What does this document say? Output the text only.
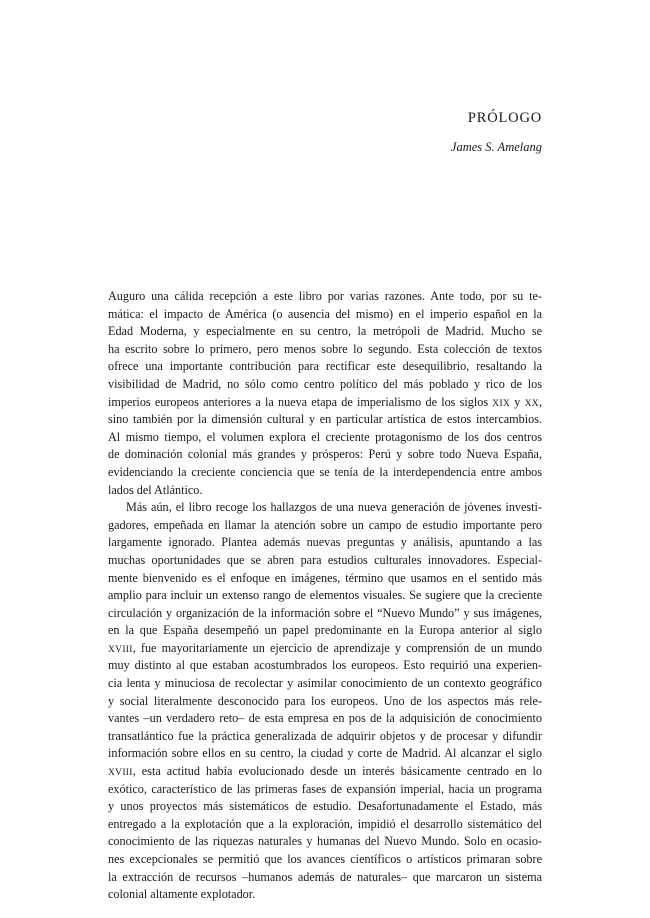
PRÓLOGO
James S. Amelang
Auguro una cálida recepción a este libro por varias razones. Ante todo, por su te-
mática: el impacto de América (o ausencia del mismo) en el imperio español en la
Edad Moderna, y especialmente en su centro, la metrópoli de Madrid. Mucho se
ha escrito sobre lo primero, pero menos sobre lo segundo. Esta colección de textos
ofrece una importante contribución para rectificar este desequilibrio, resaltando la
visibilidad de Madrid, no sólo como centro político del más poblado y rico de los
imperios europeos anteriores a la nueva etapa de imperialismo de los siglos XIX y XX,
sino también por la dimensión cultural y en particular artística de estos intercambios.
Al mismo tiempo, el volumen explora el creciente protagonismo de los dos centros
de dominación colonial más grandes y prósperos: Perú y sobre todo Nueva España,
evidenciando la creciente conciencia que se tenía de la interdependencia entre ambos
lados del Atlántico.
Más aún, el libro recoge los hallazgos de una nueva generación de jóvenes investi-
gadores, empeñada en llamar la atención sobre un campo de estudio importante pero
largamente ignorado. Plantea además nuevas preguntas y análisis, apuntando a las
muchas oportunidades que se abren para estudios culturales innovadores. Especial-
mente bienvenido es el enfoque en imágenes, término que usamos en el sentido más
amplio para incluir un extenso rango de elementos visuales. Se sugiere que la creciente
circulación y organización de la información sobre el “Nuevo Mundo” y sus imágenes,
en la que España desempeñó un papel predominante en la Europa anterior al siglo
XVIII, fue mayoritariamente un ejercicio de aprendizaje y comprensión de un mundo
muy distinto al que estaban acostumbrados los europeos. Esto requirió una experien-
cia lenta y minuciosa de recolectar y asimilar conocimiento de un contexto geográfico
y social literalmente desconocido para los europeos. Uno de los aspectos más rele-
vantes –un verdadero reto– de esta empresa en pos de la adquisición de conocimiento
transatlántico fue la práctica generalizada de adquirir objetos y de procesar y difundir
información sobre ellos en su centro, la ciudad y corte de Madrid. Al alcanzar el siglo
XVIII, esta actitud había evolucionado desde un interés básicamente centrado en lo
exótico, característico de las primeras fases de expansión imperial, hacia un programa
y unos proyectos más sistemáticos de estudio. Desafortunadamente el Estado, más
entregado a la explotación que a la exploración, impidió el desarrollo sistemático del
conocimiento de las riquezas naturales y humanas del Nuevo Mundo. Solo en ocasio-
nes excepcionales se permitió que los avances científicos o artísticos primaran sobre
la extracción de recursos –humanos además de naturales– que marcaron un sistema
colonial altamente explotador.
